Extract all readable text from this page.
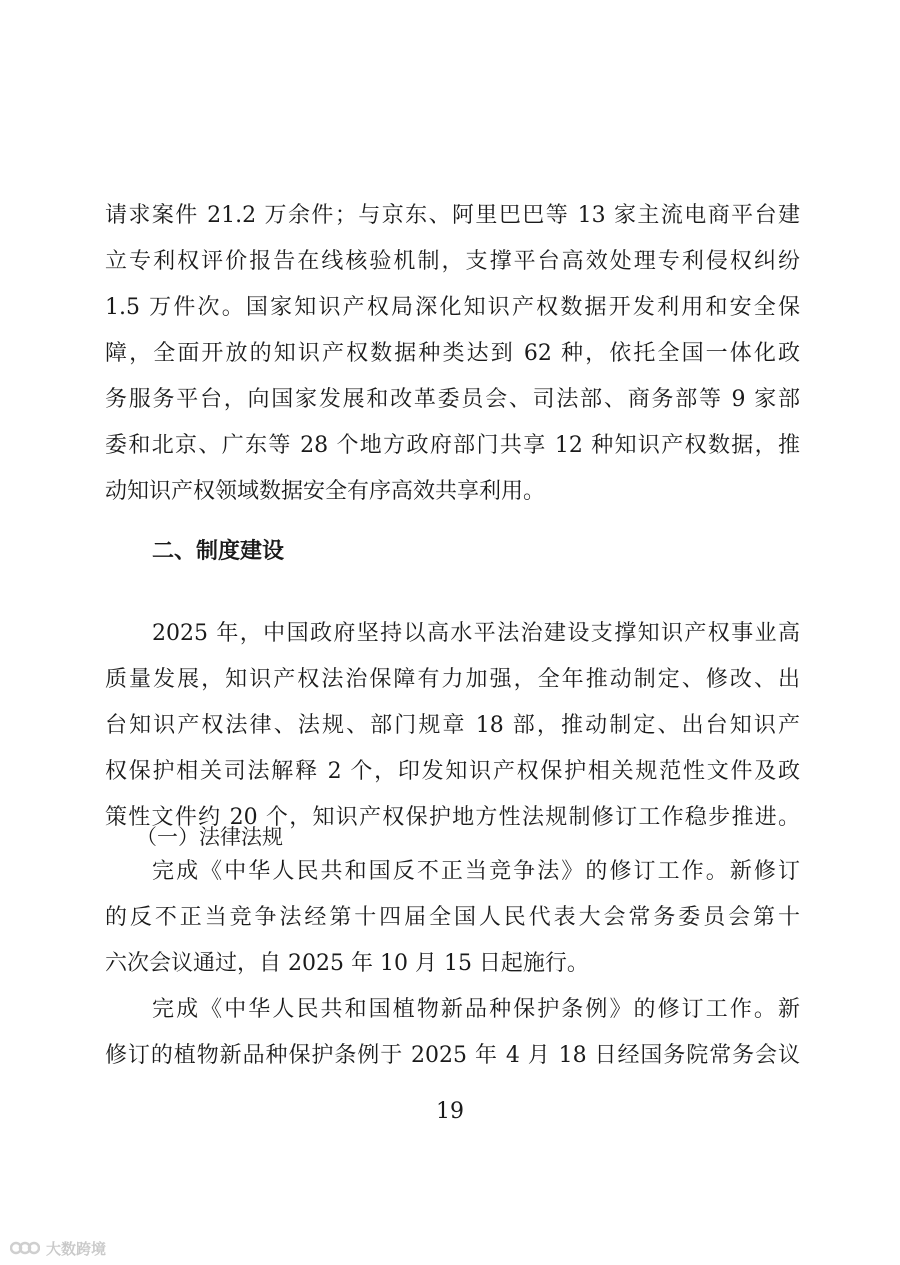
请求案件 21.2 万余件；与京东、阿里巴巴等 13 家主流电商平台建
立专利权评价报告在线核验机制，支撑平台高效处理专利侵权纠纷
1.5 万件次。国家知识产权局深化知识产权数据开发利用和安全保
障，全面开放的知识产权数据种类达到 62 种，依托全国一体化政
务服务平台，向国家发展和改革委员会、司法部、商务部等 9 家部
委和北京、广东等 28 个地方政府部门共享 12 种知识产权数据，推
动知识产权领域数据安全有序高效共享利用。
二、制度建设
2025 年，中国政府坚持以高水平法治建设支撑知识产权事业高
质量发展，知识产权法治保障有力加强，全年推动制定、修改、出
台知识产权法律、法规、部门规章 18 部，推动制定、出台知识产
权保护相关司法解释 2 个，印发知识产权保护相关规范性文件及政
策性文件约 20 个，知识产权保护地方性法规制修订工作稳步推进。
（一）法律法规
完成《中华人民共和国反不正当竞争法》的修订工作。新修订
的反不正当竞争法经第十四届全国人民代表大会常务委员会第十
六次会议通过，自 2025 年 10 月 15 日起施行。
完成《中华人民共和国植物新品种保护条例》的修订工作。新
修订的植物新品种保护条例于 2025 年 4 月 18 日经国务院常务会议
19
大数跨境
